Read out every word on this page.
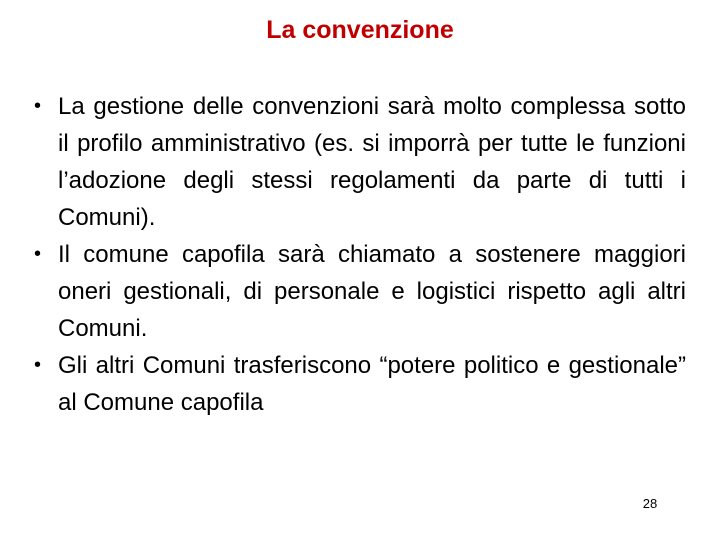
La convenzione
• La gestione delle convenzioni sarà molto complessa sotto il profilo amministrativo (es. si imporrà per tutte le funzioni l’adozione degli stessi regolamenti da parte di tutti i Comuni).
• Il comune capofila sarà chiamato a sostenere maggiori oneri gestionali, di personale e logistici rispetto agli altri Comuni.
• Gli altri Comuni trasferiscono “potere politico e gestionale” al Comune capofila
28
